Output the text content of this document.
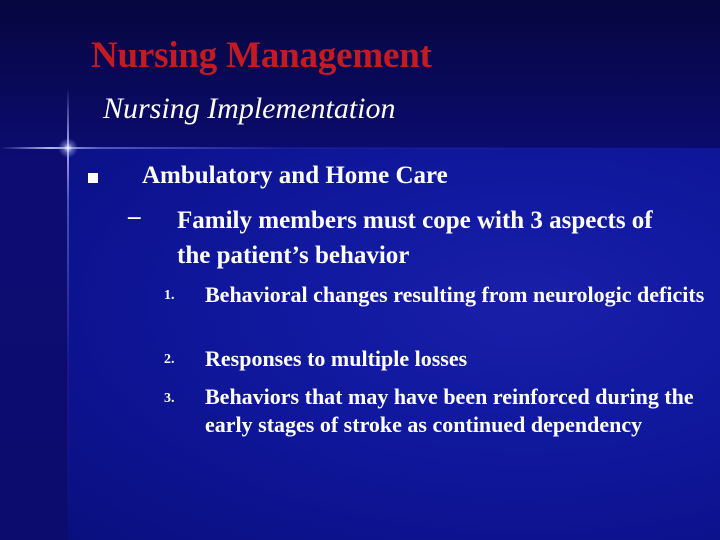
Nursing Management
Nursing Implementation
Ambulatory and Home Care
– Family members must cope with 3 aspects of the patient’s behavior
1. Behavioral changes resulting from neurologic deficits
2. Responses to multiple losses
3. Behaviors that may have been reinforced during the early stages of stroke as continued dependency
